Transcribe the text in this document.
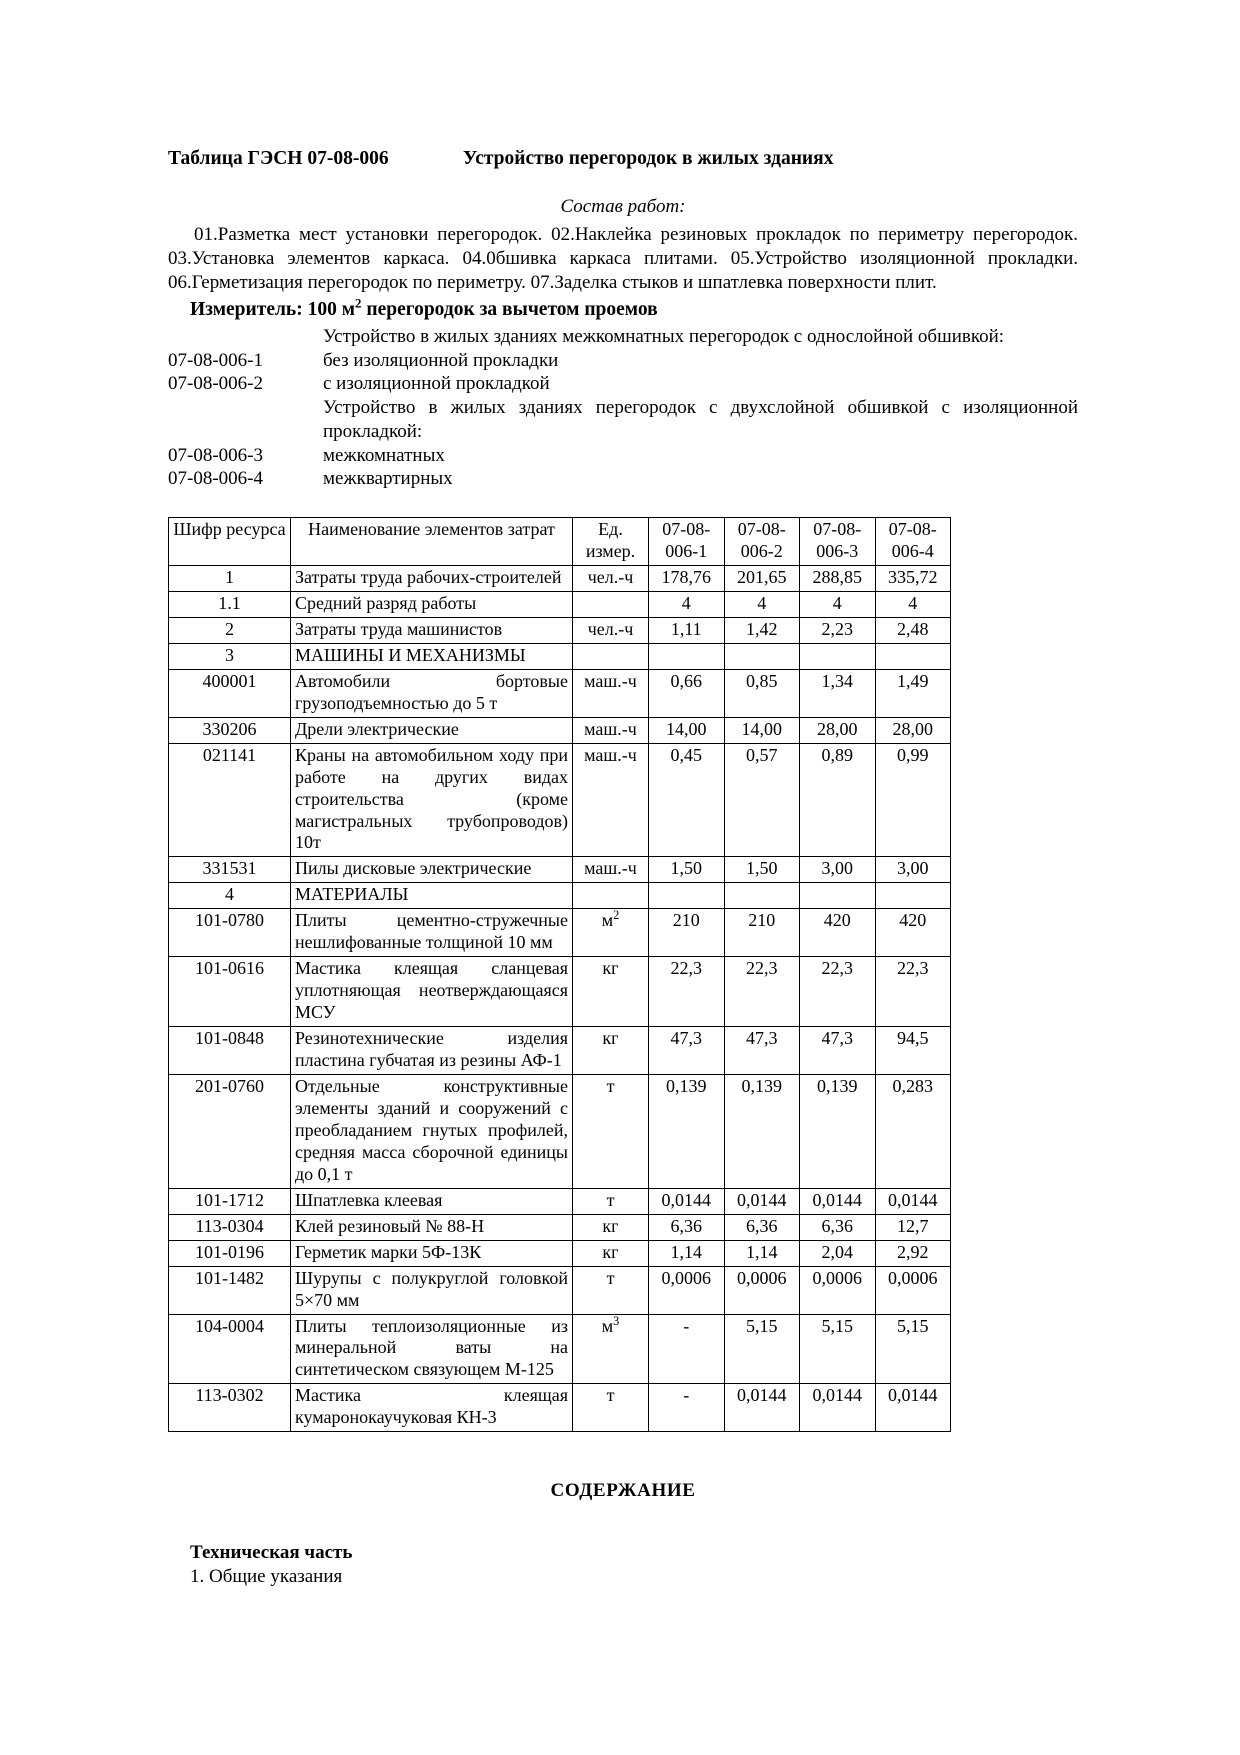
Таблица ГЭСН 07-08-006	Устройство перегородок в жилых зданиях
Состав работ:

01.Разметка мест установки перегородок. 02.Наклейка резиновых прокладок по периметру перегородок. 03.Установка элементов каркаса. 04.0бшивка каркаса плитами. 05.Устройство изоляционной прокладки. 06.Герметизация перегородок по периметру. 07.Заделка стыков и шпатлевка поверхности плит.

Измеритель: 100 $м^2$ перегородок за вычетом проемов
Устройство в жилых зданиях межкомнатных перегородок с однослойной обшивкой:
07-08-006-1	без изоляционной прокладки
07-08-006-2	с изоляционной прокладкой
Устройство в жилых зданиях перегородок с двухслойной обшивкой с изоляционной прокладкой:
07-08-006-3	межкомнатных
07-08-006-4	межквартирных
Шифр ресурса	Наименование элементов затрат	Ед. измер.	07-08-006-1	07-08-006-2	07-08-006-3	07-08-006-4
1	Затраты труда рабочих-строителей	чел.-ч	178,76	201,65	288,85	335,72
1.1	Средний разряд работы		4	4	4	4
2	Затраты труда машинистов	чел.-ч	1,11	1,42	2,23	2,48
3	МАШИНЫ И МЕХАНИЗМЫ					
400001	Автомобили бортовые грузоподъемностью до 5 т	маш.-ч	0,66	0,85	1,34	1,49
330206	Дрели электрические	маш.-ч	14,00	14,00	28,00	28,00
021141	Краны на автомобильном ходу при работе на других видах строительства (кроме магистральных трубопроводов) 10т	маш.-ч	0,45	0,57	0,89	0,99
331531	Пилы дисковые электрические	маш.-ч	1,50	1,50	3,00	3,00
4	МАТЕРИАЛЫ					
101-0780	Плиты цементно-стружечные нешлифованные толщиной 10 мм	$м^2$	210	210	420	420
101-0616	Мастика клеящая сланцевая уплотняющая неотверждающаяся МСУ	кг	22,3	22,3	22,3	22,3
101-0848	Резинотехнические изделия пластина губчатая из резины АФ-1	кг	47,3	47,3	47,3	94,5
201-0760	Отдельные конструктивные элементы зданий и сооружений с преобладанием гнутых профилей, средняя масса сборочной единицы до 0,1 т	т	0,139	0,139	0,139	0,283
101-1712	Шпатлевка клеевая	т	0,0144	0,0144	0,0144	0,0144
113-0304	Клей резиновый № 88-Н	кг	6,36	6,36	6,36	12,7
101-0196	Герметик марки 5Ф-13К	кг	1,14	1,14	2,04	2,92
101-1482	Шурупы с полукруглой головкой 5×70 мм	т	0,0006	0,0006	0,0006	0,0006
104-0004	Плиты теплоизоляционные из минеральной ваты на синтетическом связующем М-125	$м^3$	-	5,15	5,15	5,15
113-0302	Мастика клеящая кумаронокаучуковая КН-3	т	-	0,0144	0,0144	0,0144
СОДЕРЖАНИЕ
Техническая часть
1. Общие указания
